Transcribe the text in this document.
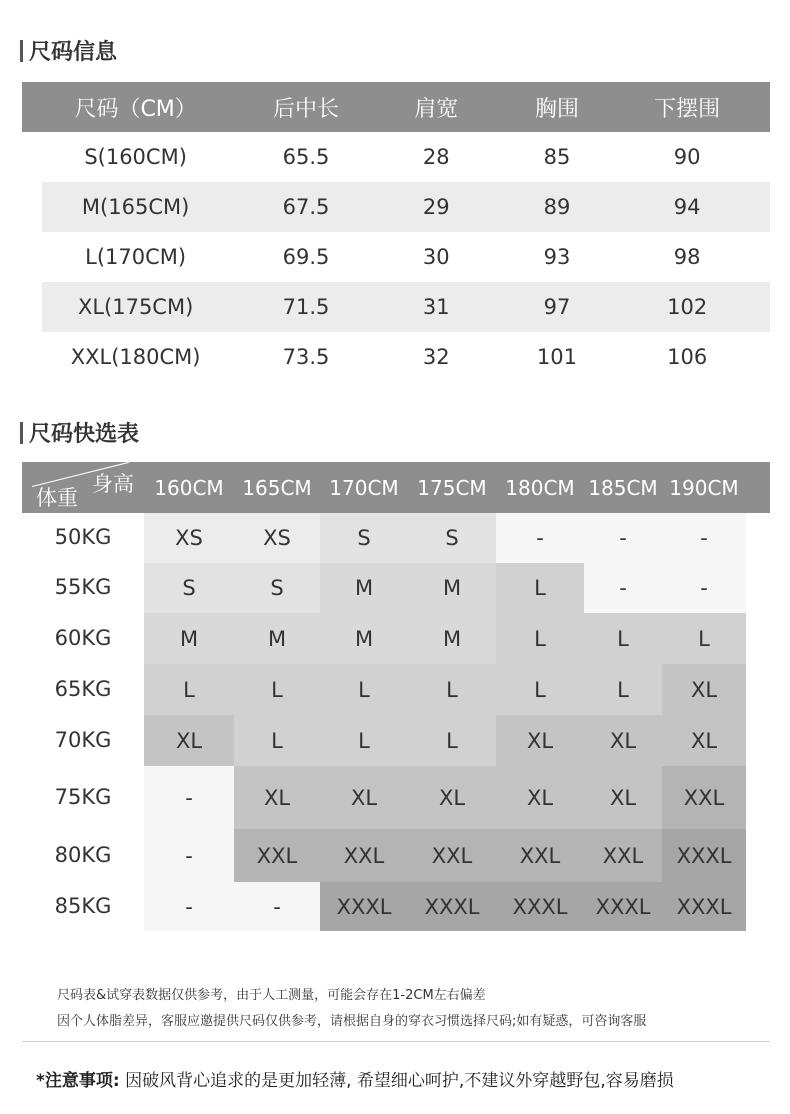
尺码信息
尺码（CM）	后中长	肩宽	胸围	下摆围
S(160CM)	65.5	28	85	90
M(165CM)	67.5	29	89	94
L(170CM)	69.5	30	93	98
XL(175CM)	71.5	31	97	102
XXL(180CM)	73.5	32	101	106
尺码快选表
身高
体重	160CM 165CM 170CM 175CM 180CM 185CM 190CM
50KG	XS	XS	S	S	-	-	-
55KG	S	S	M	M	L	-	-
60KG	M	M	M	M	L	L	L
65KG	L	L	L	L	L	L	XL
70KG	XL	L	L	L	XL	XL	XL
75KG	-	XL	XL	XL	XL	XL	XXL
80KG	-	XXL	XXL	XXL	XXL	XXL	XXXL
85KG	-	-	XXXL	XXXL	XXXL	XXXL	XXXL
尺码表&试穿表数据仅供参考，由于人工测量，可能会存在1-2CM左右偏差
因个人体脂差异，客服应邀提供尺码仅供参考，请根据自身的穿衣习惯选择尺码;如有疑惑，可咨询客服
*注意事项: 因破风背心追求的是更加轻薄, 希望细心呵护,不建议外穿越野包,容易磨损
